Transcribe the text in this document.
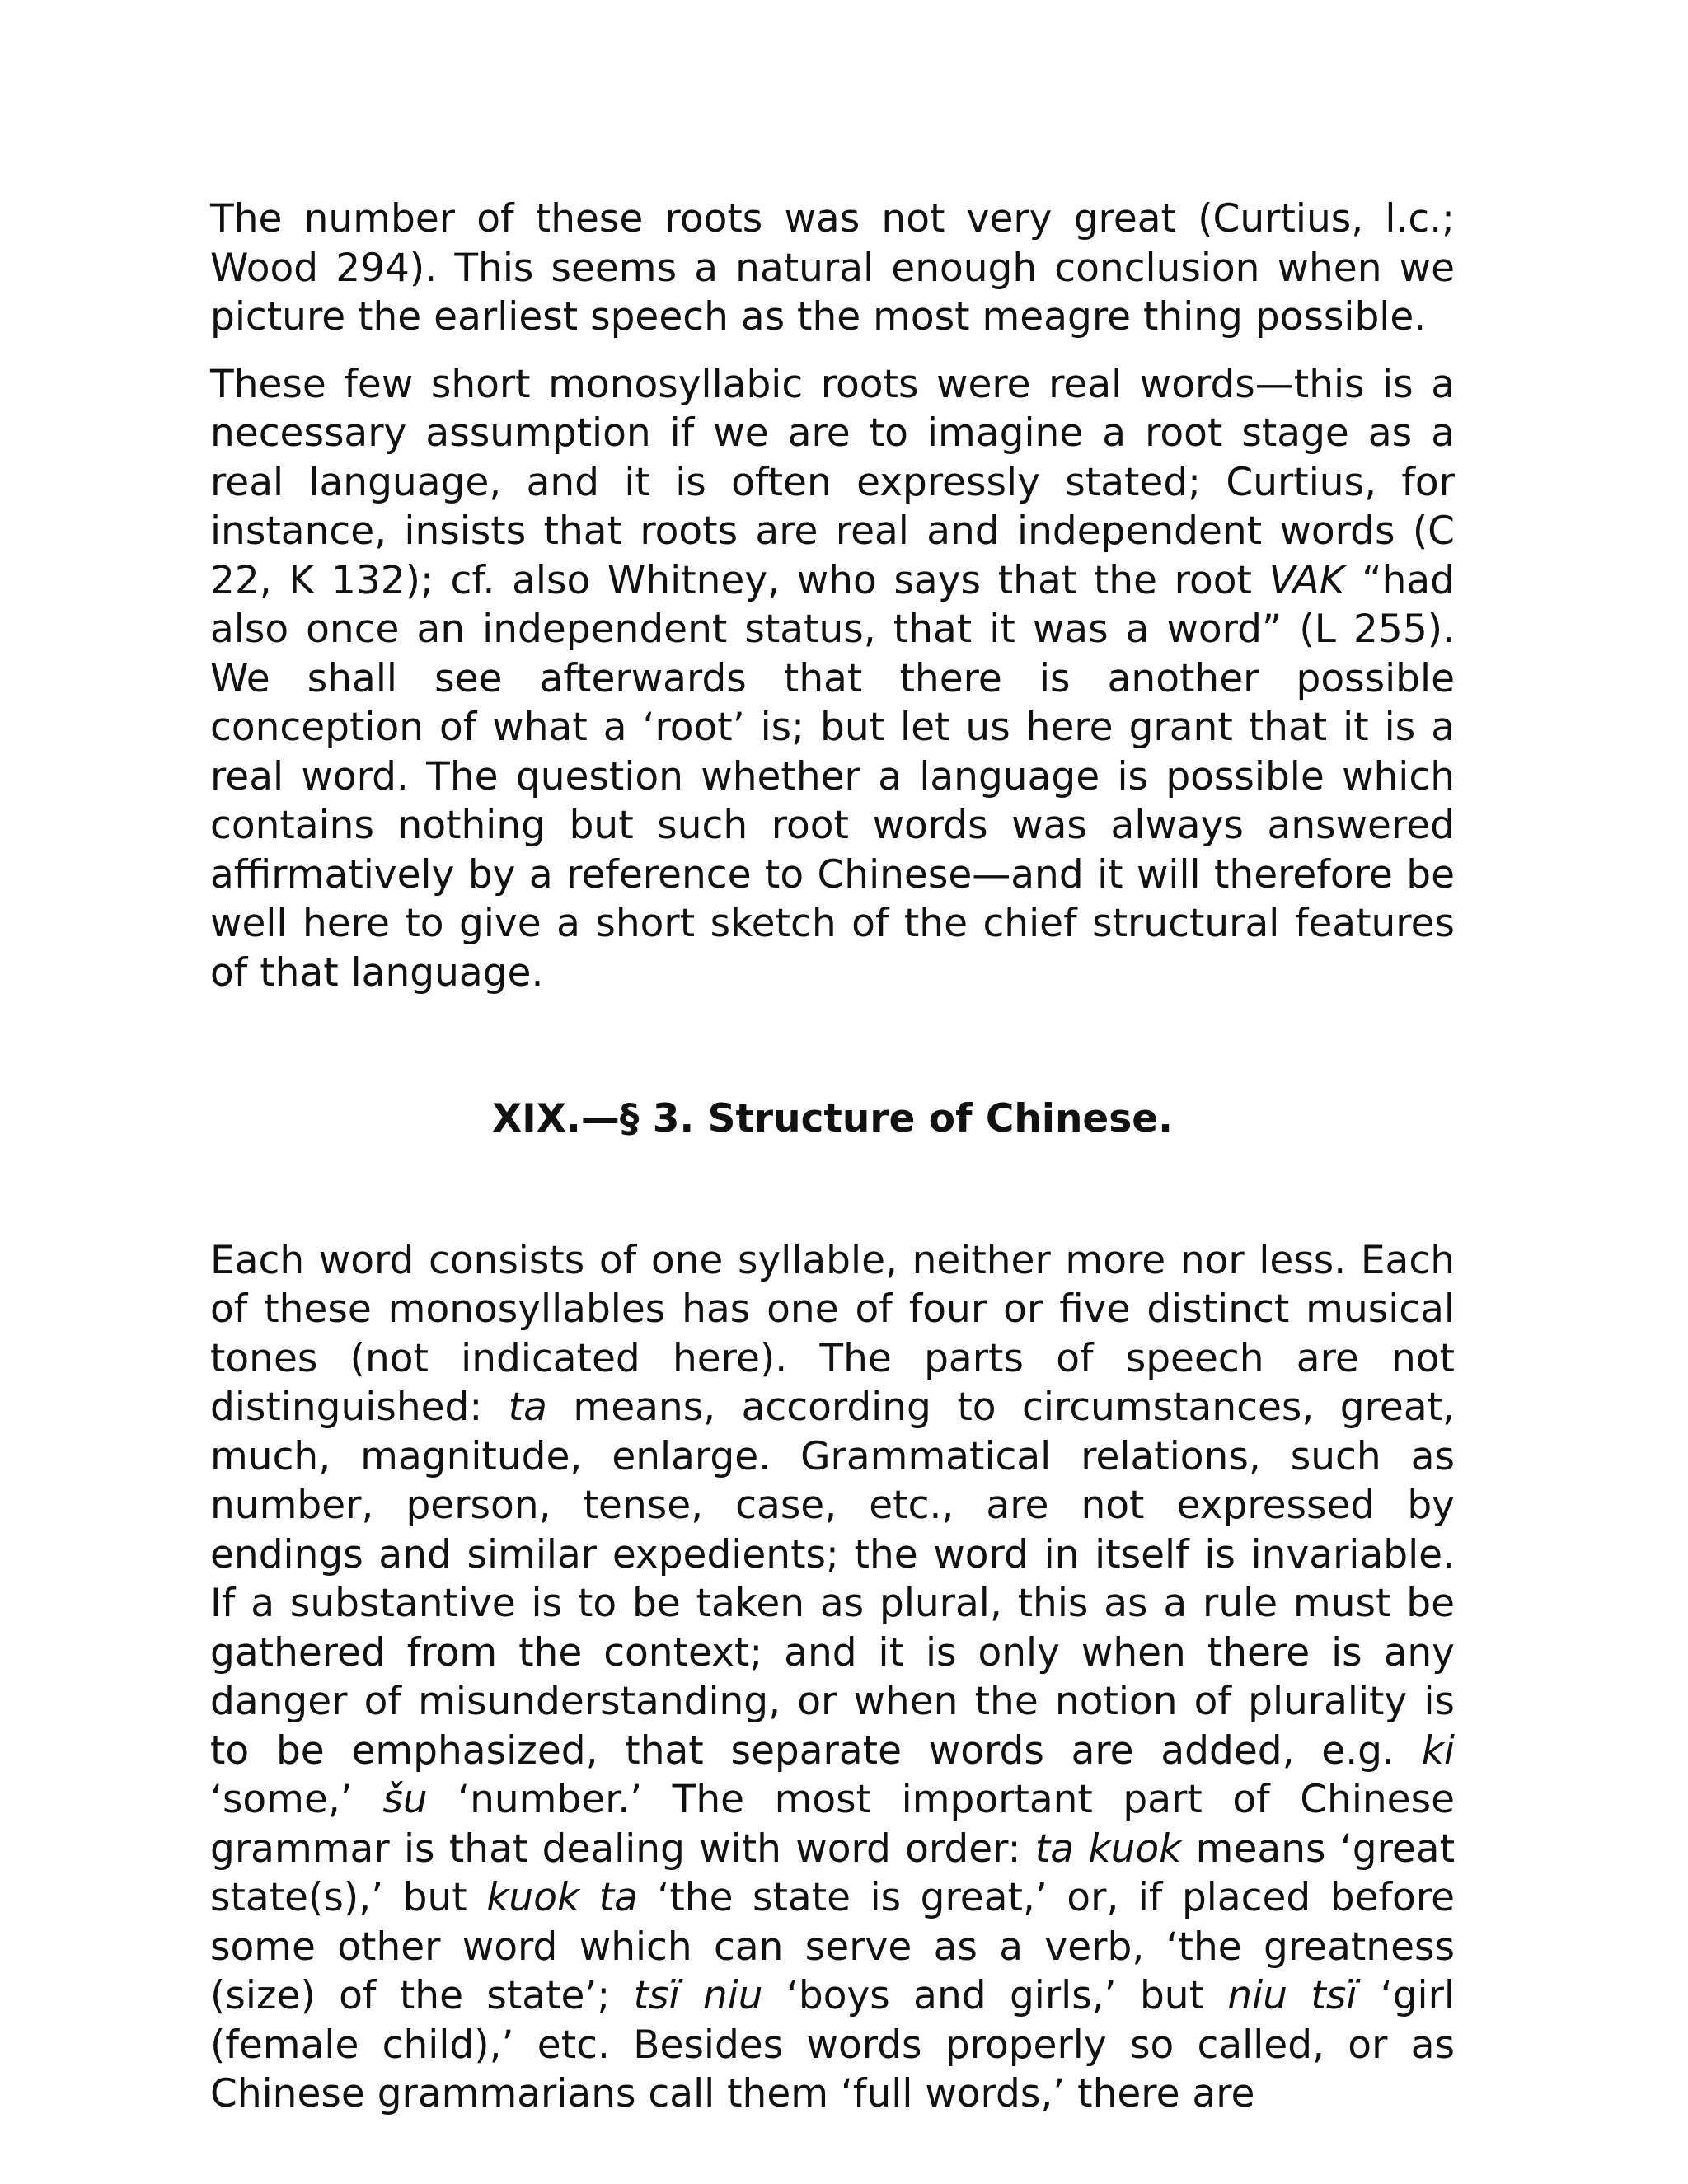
The number of these roots was not very great (Curtius, l.c.; Wood 294). This seems a natural enough conclusion when we picture the earliest speech as the most meagre thing possible.

These few short monosyllabic roots were real words—this is a necessary assumption if we are to imagine a root stage as a real language, and it is often expressly stated; Curtius, for instance, insists that roots are real and independent words (C 22, K 132); cf. also Whitney, who says that the root VAK “had also once an independent status, that it was a word” (L 255). We shall see afterwards that there is another possible conception of what a ‘root’ is; but let us here grant that it is a real word. The question whether a language is possible which contains nothing but such root words was always answered affirmatively by a reference to Chinese—and it will therefore be well here to give a short sketch of the chief structural features of that language.

XIX.—§ 3. Structure of Chinese.

Each word consists of one syllable, neither more nor less. Each of these monosyllables has one of four or five distinct musical tones (not indicated here). The parts of speech are not distinguished: ta means, according to circumstances, great, much, magnitude, enlarge. Grammatical relations, such as number, person, tense, case, etc., are not expressed by endings and similar expedients; the word in itself is invariable. If a substantive is to be taken as plural, this as a rule must be gathered from the context; and it is only when there is any danger of misunderstanding, or when the notion of plurality is to be emphasized, that separate words are added, e.g. ki ‘some,’ šu ‘number.’ The most important part of Chinese grammar is that dealing with word order: ta kuok means ‘great state(s),’ but kuok ta ‘the state is great,’ or, if placed before some other word which can serve as a verb, ‘the greatness (size) of the state’; tsï niu ‘boys and girls,’ but niu tsï ‘girl (female child),’ etc. Besides words properly so called, or as Chinese grammarians call them ‘full words,’ there are
